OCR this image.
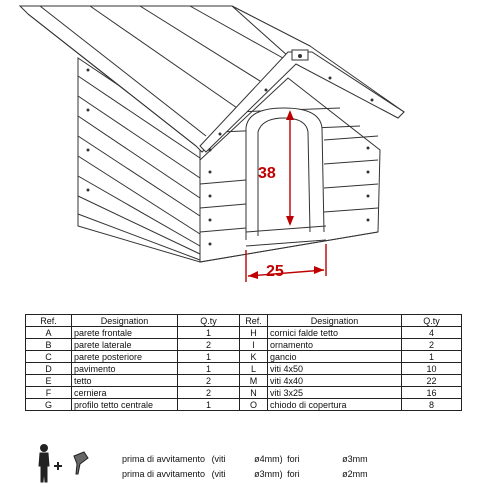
38
25
Ref.	Designation	Q.ty	Ref.	Designation	Q.ty
A	parete frontale	1	H	cornici falde tetto	4
B	parete laterale	2	I	ornamento	2
C	parete posteriore	1	K	gancio	1
D	pavimento	1	L	viti 4x50	10
E	tetto	2	M	viti 4x40	22
F	cerniera	2	N	viti 3x25	16
G	profilo tetto centrale	1	O	chiodo di copertura	8
prima di avvitamento (viti	ø4mm) fori	ø3mm
prima di avvitamento (viti	ø3mm) fori	ø2mm
